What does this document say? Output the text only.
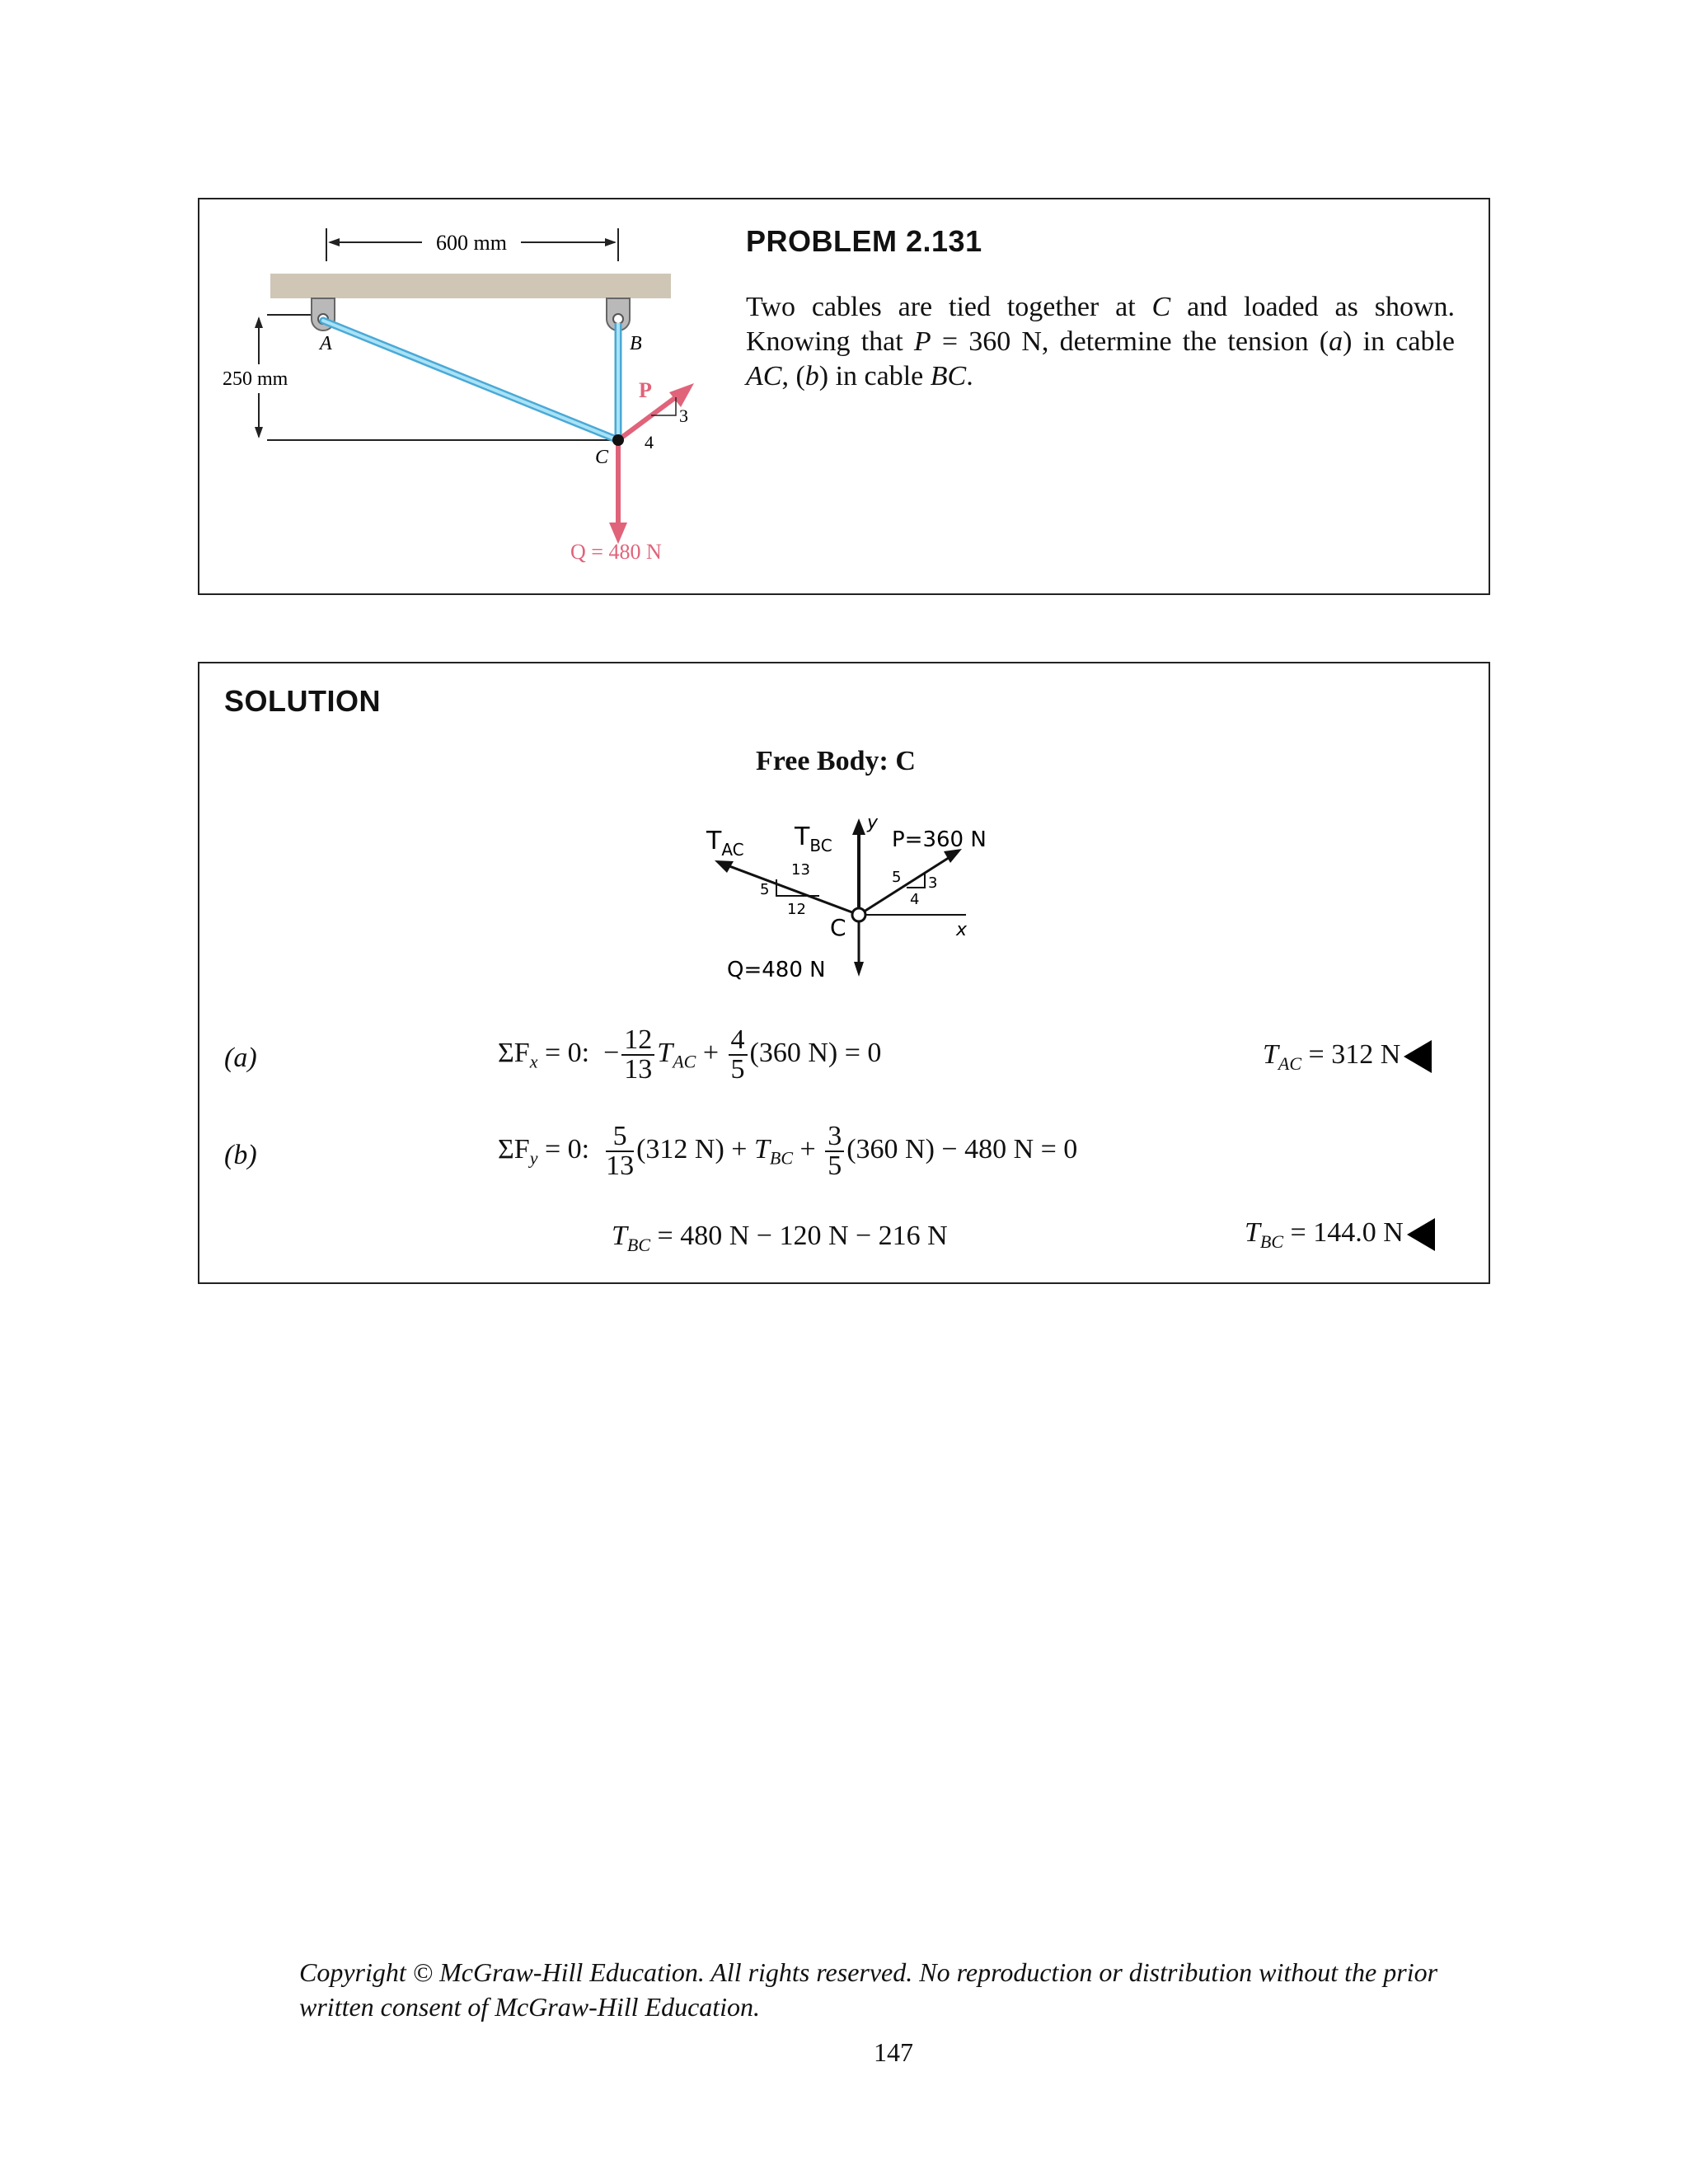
600 mm
250 mm
A	B
C
P
3
4
Q = 480 N
PROBLEM 2.131
Two cables are tied together at C and loaded as shown. Knowing that P = 360 N, determine the tension (a) in cable AC, (b) in cable BC.
SOLUTION
Free Body: C
$T_{AC}$ $T_{BC}$	P=360 N
Q=480 N
y
x
C
5
12
13	5 3
4
(a)	$\Sigma F_x = 0$: − $\frac{12}{13} T_{AC} + \frac{4}{5} (360$ N) = 0	$T_{AC} = 312$ N
(b)	$\Sigma F_y = 0$: $\frac{5}{13} (312$ $N) + T_{BC} + \frac{3}{5} (360$ N) − 480 N = 0
$T_{BC} = 480$ N − 120 N − 216 N	$T_{BC} = 144.0$ N
Copyright © McGraw-Hill Education. All rights reserved. No reproduction or distribution without the prior written consent of McGraw-Hill Education.
147
